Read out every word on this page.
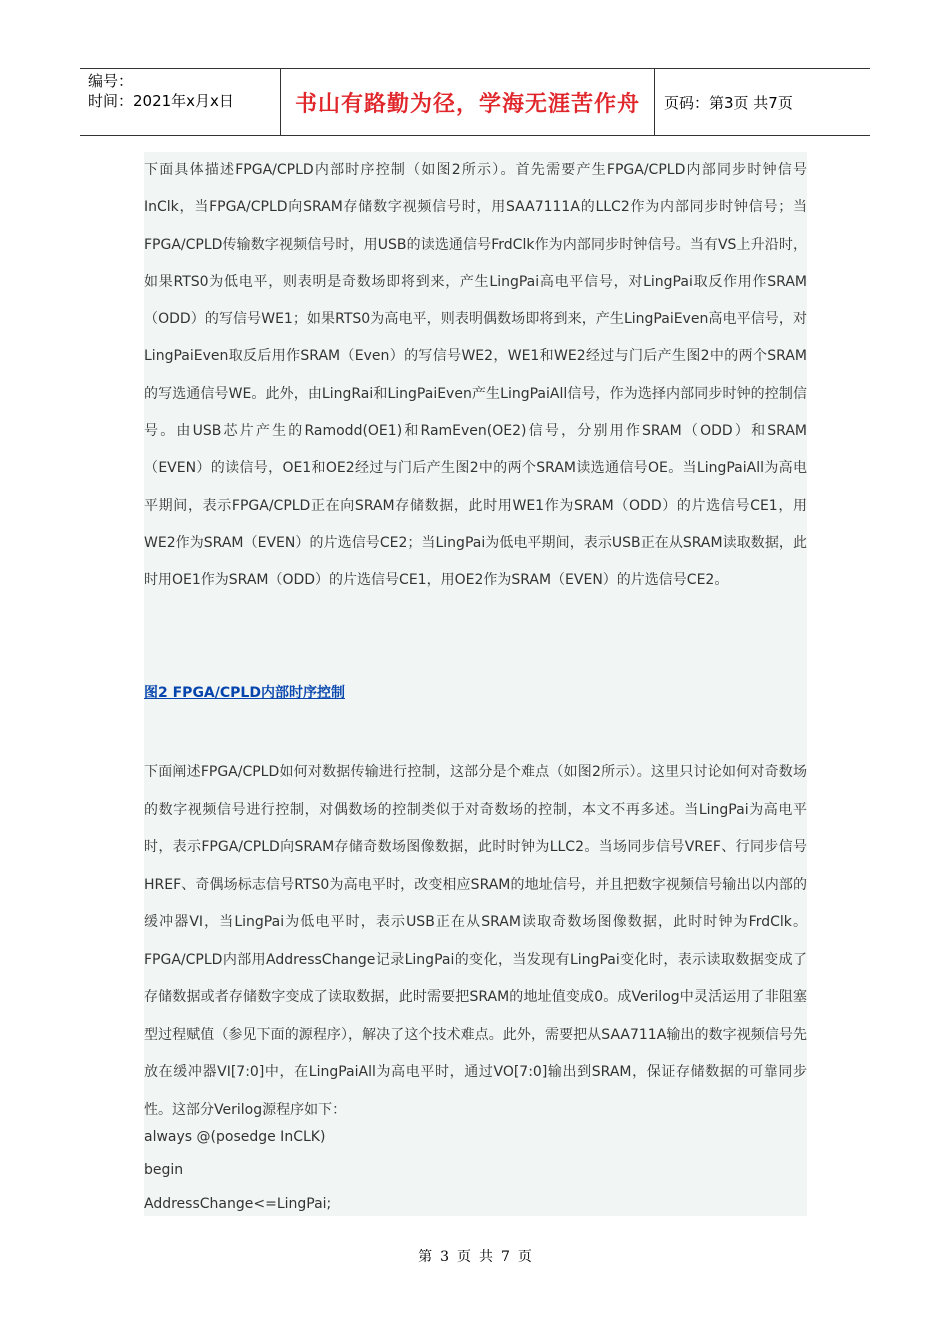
编号：
时间：2021年x月x日	书山有路勤为径，学海无涯苦作舟 页码：第3页 共7页

下面具体描述FPGA/CPLD内部时序控制（如图2所示）。首先需要产生FPGA/CPLD内部同步时钟信号InClk，当FPGA/CPLD向SRAM存储数字视频信号时，用SAA7111A的LLC2作为内部同步时钟信号；当FPGA/CPLD传输数字视频信号时，用USB的读选通信号FrdClk作为内部同步时钟信号。当有VS上升沿时，如果RTS0为低电平，则表明是奇数场即将到来，产生LingPai高电平信号，对LingPai取反作用作SRAM（ODD）的写信号WE1；如果RTS0为高电平，则表明偶数场即将到来，产生LingPaiEven高电平信号，对LingPaiEven取反后用作SRAM（Even）的写信号WE2，WE1和WE2经过与门后产生图2中的两个SRAM的写选通信号WE。此外，由LingRai和LingPaiEven产生LingPaiAll信号，作为选择内部同步时钟的控制信号。由USB芯片产生的Ramodd(OE1)和RamEven(OE2)信号，分别用作SRAM（ODD）和SRAM（EVEN）的读信号，OE1和OE2经过与门后产生图2中的两个SRAM读选通信号OE。当LingPaiAll为高电平期间，表示FPGA/CPLD正在向SRAM存储数据，此时用WE1作为SRAM（ODD）的片选信号CE1，用WE2作为SRAM（EVEN）的片选信号CE2；当LingPai为低电平期间，表示USB正在从SRAM读取数据，此时用OE1作为SRAM（ODD）的片选信号CE1，用OE2作为SRAM（EVEN）的片选信号CE2。

图2 FPGA/CPLD内部时序控制

下面阐述FPGA/CPLD如何对数据传输进行控制，这部分是个难点（如图2所示）。这里只讨论如何对奇数场的数字视频信号进行控制，对偶数场的控制类似于对奇数场的控制，本文不再多述。当LingPai为高电平时，表示FPGA/CPLD向SRAM存储奇数场图像数据，此时时钟为LLC2。当场同步信号VREF、行同步信号HREF、奇偶场标志信号RTS0为高电平时，改变相应SRAM的地址信号，并且把数字视频信号输出以内部的缓冲器VI，当LingPai为低电平时，表示USB正在从SRAM读取奇数场图像数据，此时时钟为FrdClk。FPGA/CPLD内部用AddressChange记录LingPai的变化，当发现有LingPai变化时，表示读取数据变成了存储数据或者存储数字变成了读取数据，此时需要把SRAM的地址值变成0。成Verilog中灵活运用了非阻塞型过程赋值（参见下面的源程序），解决了这个技术难点。此外，需要把从SAA711A输出的数字视频信号先放在缓冲器VI[7:0]中，在LingPaiAll为高电平时，通过VO[7:0]输出到SRAM，保证存储数据的可靠同步性。这部分Verilog源程序如下：

always @(posedge InCLK)
begin
AddressChange<=LingPai;
第 3 页 共 7 页
